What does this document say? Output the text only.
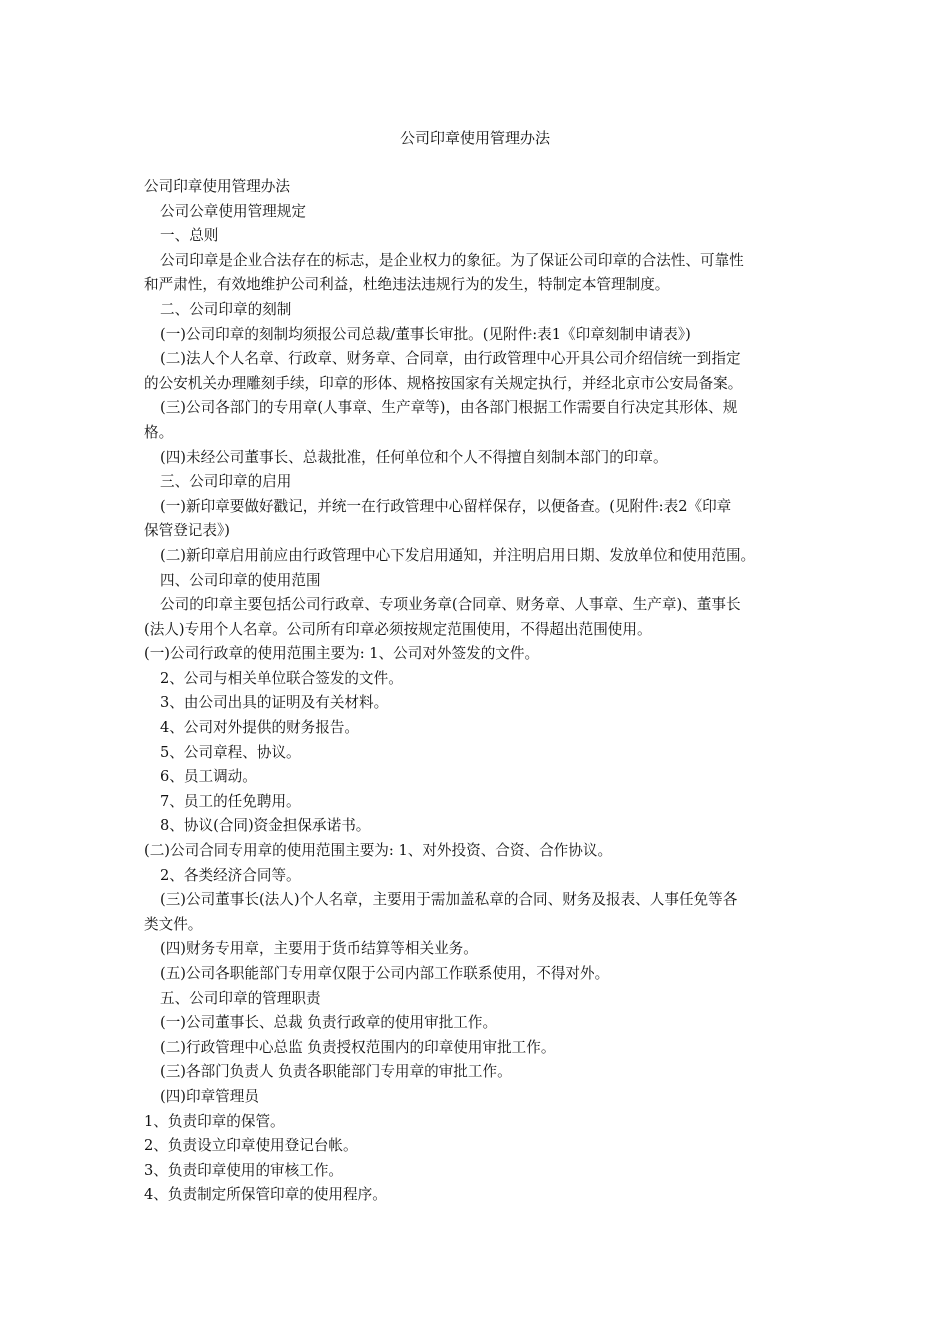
公司印章使用管理办法

公司印章使用管理办法

公司公章使用管理规定

一、总则

公司印章是企业合法存在的标志，是企业权力的象征。为了保证公司印章的合法性、可靠性

和严肃性，有效地维护公司利益，杜绝违法违规行为的发生，特制定本管理制度。

二、公司印章的刻制

(一)公司印章的刻制均须报公司总裁/董事长审批。(见附件:表1《印章刻制申请表》)

(二)法人个人名章、行政章、财务章、合同章，由行政管理中心开具公司介绍信统一到指定

的公安机关办理雕刻手续，印章的形体、规格按国家有关规定执行，并经北京市公安局备案。

(三)公司各部门的专用章(人事章、生产章等)，由各部门根据工作需要自行决定其形体、规

格。

(四)未经公司董事长、总裁批准，任何单位和个人不得擅自刻制本部门的印章。

三、公司印章的启用

(一)新印章要做好戳记，并统一在行政管理中心留样保存，以便备查。(见附件:表2《印章

保管登记表》)

(二)新印章启用前应由行政管理中心下发启用通知，并注明启用日期、发放单位和使用范围。

四、公司印章的使用范围

公司的印章主要包括公司行政章、专项业务章(合同章、财务章、人事章、生产章)、董事长

(法人)专用个人名章。公司所有印章必须按规定范围使用，不得超出范围使用。

(一)公司行政章的使用范围主要为: 1、公司对外签发的文件。

2、公司与相关单位联合签发的文件。

3、由公司出具的证明及有关材料。

4、公司对外提供的财务报告。

5、公司章程、协议。

6、员工调动。

7、员工的任免聘用。

8、协议(合同)资金担保承诺书。

(二)公司合同专用章的使用范围主要为: 1、对外投资、合资、合作协议。

2、各类经济合同等。

(三)公司董事长(法人)个人名章，主要用于需加盖私章的合同、财务及报表、人事任免等各

类文件。

(四)财务专用章，主要用于货币结算等相关业务。

(五)公司各职能部门专用章仅限于公司内部工作联系使用，不得对外。

五、公司印章的管理职责

(一)公司董事长、总裁 负责行政章的使用审批工作。

(二)行政管理中心总监 负责授权范围内的印章使用审批工作。

(三)各部门负责人 负责各职能部门专用章的审批工作。

(四)印章管理员

1、负责印章的保管。

2、负责设立印章使用登记台帐。

3、负责印章使用的审核工作。

4、负责制定所保管印章的使用程序。
